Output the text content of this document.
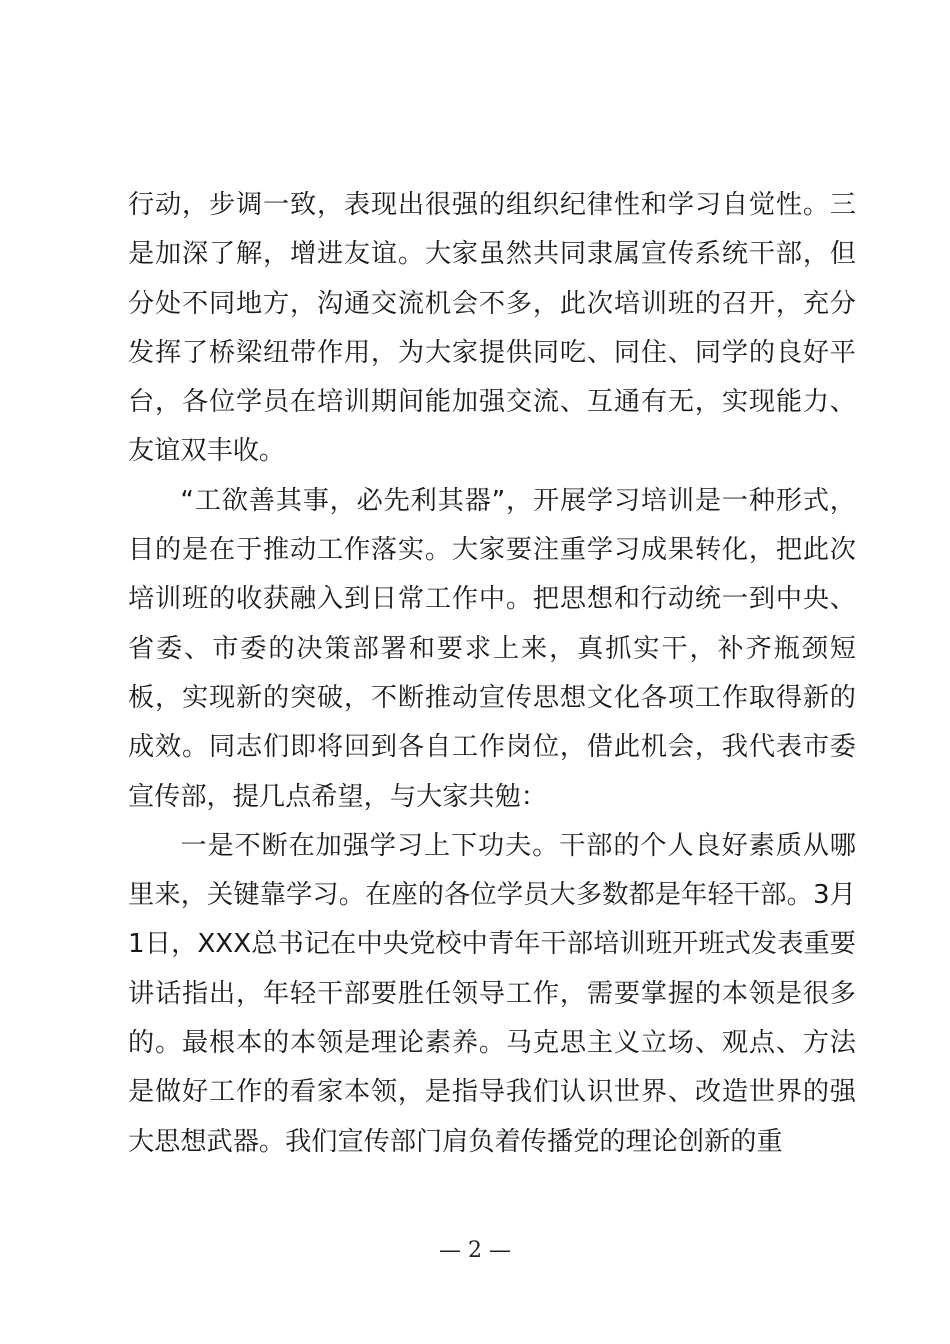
行动，步调一致，表现出很强的组织纪律性和学习自觉性。三是加深了解，增进友谊。大家虽然共同隶属宣传系统干部，但分处不同地方，沟通交流机会不多，此次培训班的召开，充分发挥了桥梁纽带作用，为大家提供同吃、同住、同学的良好平台，各位学员在培训期间能加强交流、互通有无，实现能力、友谊双丰收。

“工欲善其事，必先利其器”，开展学习培训是一种形式，目的是在于推动工作落实。大家要注重学习成果转化，把此次培训班的收获融入到日常工作中。把思想和行动统一到中央、省委、市委的决策部署和要求上来，真抓实干，补齐瓶颈短板，实现新的突破，不断推动宣传思想文化各项工作取得新的成效。同志们即将回到各自工作岗位，借此机会，我代表市委宣传部，提几点希望，与大家共勉：

一是不断在加强学习上下功夫。干部的个人良好素质从哪里来，关键靠学习。在座的各位学员大多数都是年轻干部。3月1日，XXX总书记在中央党校中青年干部培训班开班式发表重要讲话指出，年轻干部要胜任领导工作，需要掌握的本领是很多的。最根本的本领是理论素养。马克思主义立场、观点、方法是做好工作的看家本领，是指导我们认识世界、改造世界的强大思想武器。我们宣传部门肩负着传播党的理论创新的重

— 2 —
